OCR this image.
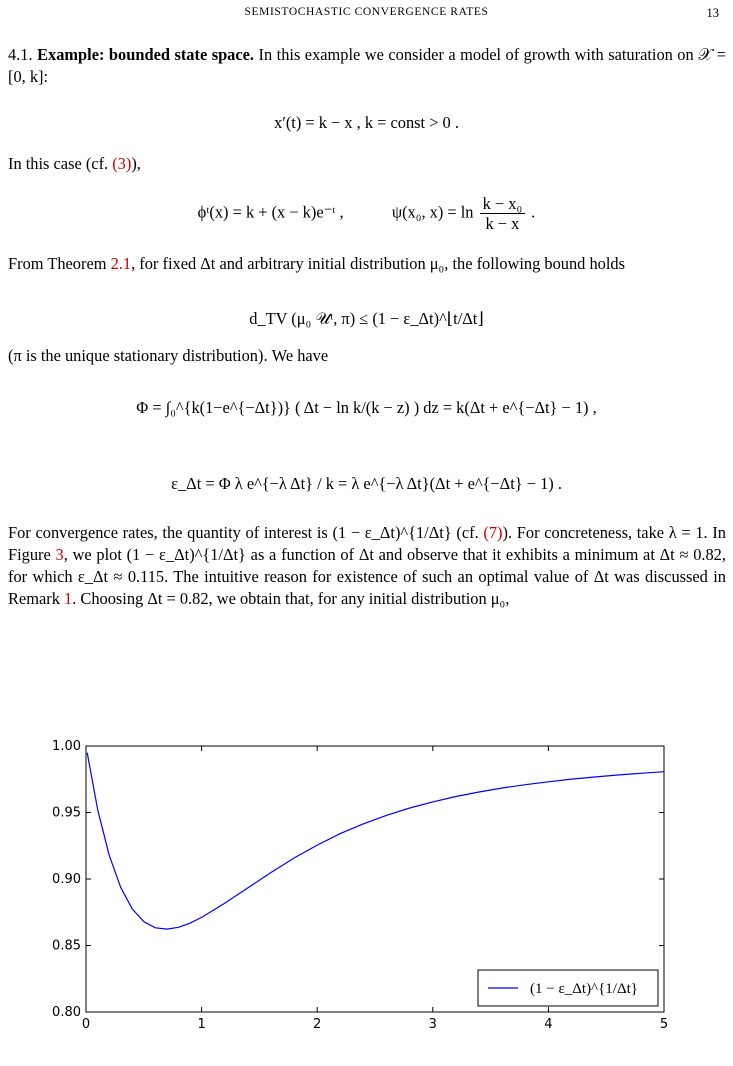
SEMISTOCHASTIC CONVERGENCE RATES	13
4.1. Example: bounded state space. In this example we consider a model of growth with saturation on 𝒳 = [0, k]:
x′(t) = k − x , k = const > 0 .
In this case (cf. (3)),
ϕᵗ(x) = k + (x − k)e⁻ᵗ ,	ψ(x₀, $x) = \ln \frac{\text{k − x₀}}{k - x}$ .
From Theorem 2.1, for fixed Δt and arbitrary initial distribution μ₀, the following bound holds
d_TV (μ₀ 𝒰ᵗ, π) ≤ (1 − ε_Δt)^⌊t/Δt⌋
(π is the unique stationary distribution). We have
Φ = ∫₀^{k(1−e^{−Δt})} ( Δt − ln k/(k − z) ) dz = k(Δt + e^{−Δt} − 1) ,
ε_Δt = Φ λ e^{−λ Δt} / k = λ e^{−λ Δt}(Δt + e^{−Δt} − 1) .
For convergence rates, the quantity of interest is (1 − ε_Δt)^{1/Δt} (cf. (7)). For concreteness, take λ = 1. In Figure 3, we plot (1 − ε_Δt)^{1/Δt} as a function of Δt and observe that it exhibits a minimum at Δt ≈ 0.82, for which ε_Δt ≈ 0.115. The intuitive reason for existence of such an optimal value of Δt was discussed in Remark 1. Choosing Δt = 0.82, we obtain that, for any initial distribution μ₀,
0	1	2	3	4	5
0.80
0.85
0.90
0.95
1.00
(1 − ε_Δt)^{1/Δt}
